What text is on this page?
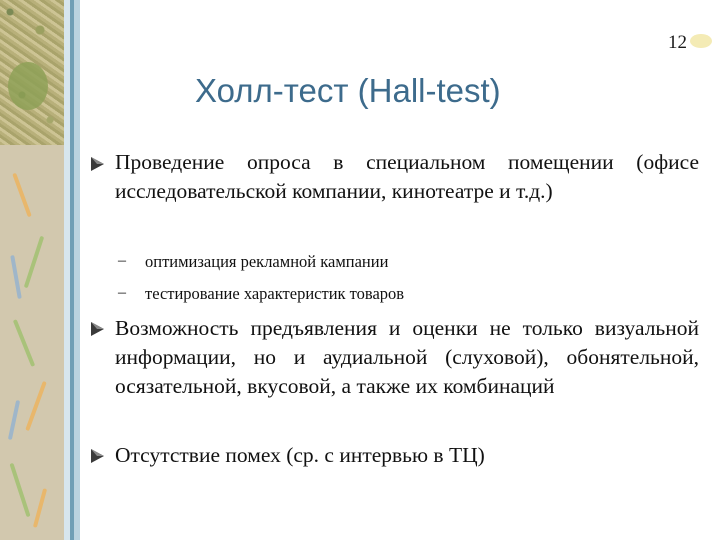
12
Холл-тест (Hall-test)
Проведение опроса в специальном помещении (офисе исследовательской компании, кинотеатре и т.д.)
– оптимизация рекламной кампании
– тестирование характеристик товаров
Возможность предъявления и оценки не только визуальной информации, но и аудиальной (слуховой), обонятельной, осязательной, вкусовой, а также их комбинаций
Отсутствие помех (ср. с интервью в ТЦ)
